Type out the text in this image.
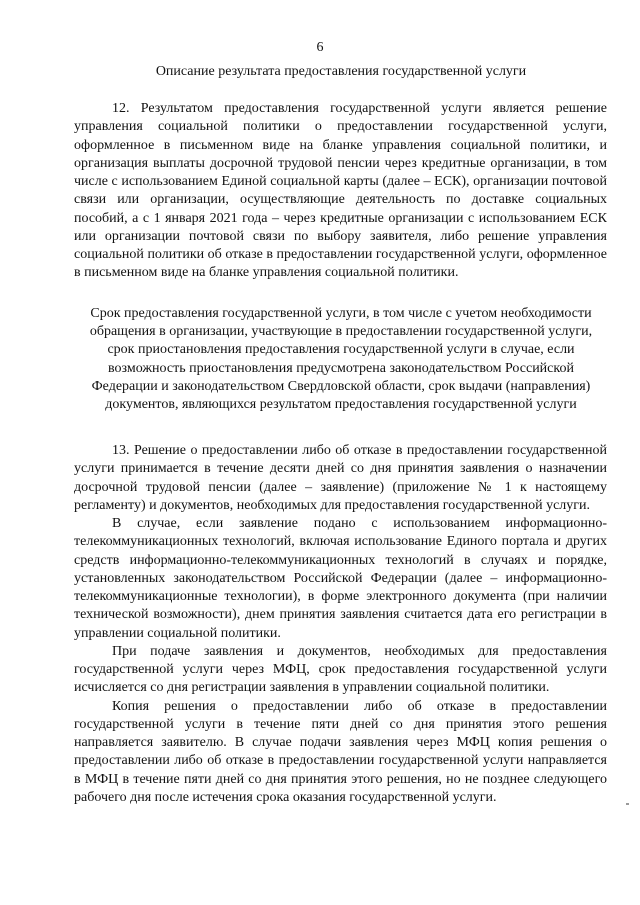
6
Описание результата предоставления государственной услуги

12. Результатом предоставления государственной услуги является решение управления социальной политики о предоставлении государственной услуги, оформленное в письменном виде на бланке управления социальной политики, и организация выплаты досрочной трудовой пенсии через кредитные организации, в том числе с использованием Единой социальной карты (далее – ЕСК), организации почтовой связи или организации, осуществляющие деятельность по доставке социальных пособий, а с 1 января 2021 года – через кредитные организации с использованием ЕСК или организации почтовой связи по выбору заявителя, либо решение управления социальной политики об отказе в предоставлении государственной услуги, оформленное в письменном виде на бланке управления социальной политики.

Срок предоставления государственной услуги, в том числе с учетом необходимости обращения в организации, участвующие в предоставлении государственной услуги, срок приостановления предоставления государственной услуги в случае, если возможность приостановления предусмотрена законодательством Российской Федерации и законодательством Свердловской области, срок выдачи (направления) документов, являющихся результатом предоставления государственной услуги

13. Решение о предоставлении либо об отказе в предоставлении государственной услуги принимается в течение десяти дней со дня принятия заявления о назначении досрочной трудовой пенсии (далее – заявление) (приложение № 1 к настоящему регламенту) и документов, необходимых для предоставления государственной услуги.

В случае, если заявление подано с использованием информационно-телекоммуникационных технологий, включая использование Единого портала и других средств информационно-телекоммуникационных технологий в случаях и порядке, установленных законодательством Российской Федерации (далее – информационно-телекоммуникационные технологии), в форме электронного документа (при наличии технической возможности), днем принятия заявления считается дата его регистрации в управлении социальной политики.

При подаче заявления и документов, необходимых для предоставления государственной услуги через МФЦ, срок предоставления государственной услуги исчисляется со дня регистрации заявления в управлении социальной политики.

Копия решения о предоставлении либо об отказе в предоставлении государственной услуги в течение пяти дней со дня принятия этого решения направляется заявителю. В случае подачи заявления через МФЦ копия решения о предоставлении либо об отказе в предоставлении государственной услуги направляется в МФЦ в течение пяти дней со дня принятия этого решения, но не позднее следующего рабочего дня после истечения срока оказания государственной услуги.
